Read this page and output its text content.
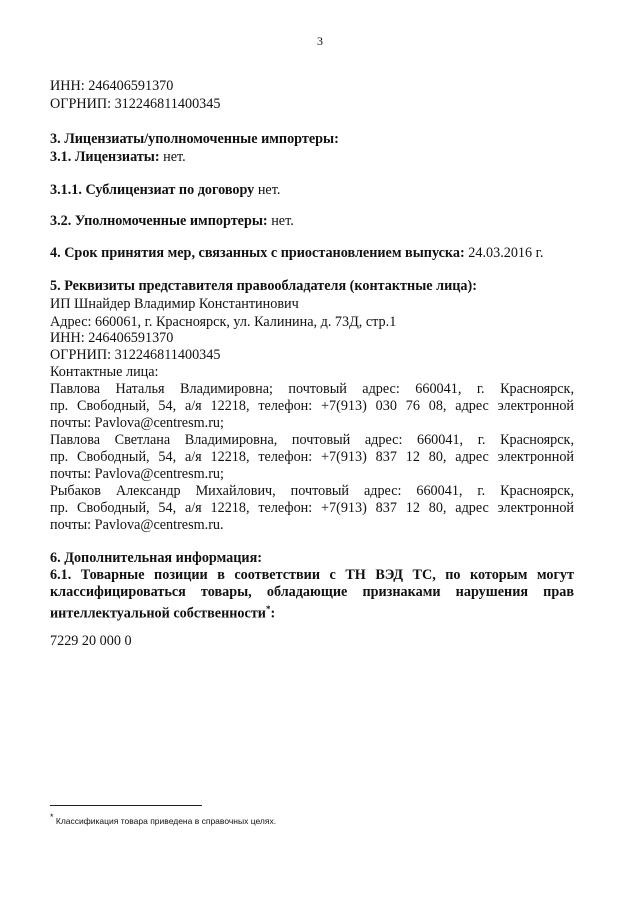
3
ИНН: 246406591370
ОГРНИП: 312246811400345
3. Лицензиаты/уполномоченные импортеры:
3.1. Лицензиаты: нет.
3.1.1. Сублицензиат по договору нет.
3.2. Уполномоченные импортеры: нет.
4. Срок принятия мер, связанных с приостановлением выпуска: 24.03.2016 г.
5. Реквизиты представителя правообладателя (контактные лица):
ИП Шнайдер Владимир Константинович
Адрес: 660061, г. Красноярск, ул. Калинина, д. 73Д, стр.1
ИНН: 246406591370
ОГРНИП: 312246811400345
Контактные лица:
Павлова Наталья Владимировна; почтовый адрес: 660041, г. Красноярск,
пр. Свободный, 54, а/я 12218, телефон: +7(913) 030 76 08, адрес электронной
почты: Pavlova@centresm.ru;
Павлова Светлана Владимировна, почтовый адрес: 660041, г. Красноярск,
пр. Свободный, 54, а/я 12218, телефон: +7(913) 837 12 80, адрес электронной
почты: Pavlova@centresm.ru;
Рыбаков Александр Михайлович, почтовый адрес: 660041, г. Красноярск,
пр. Свободный, 54, а/я 12218, телефон: +7(913) 837 12 80, адрес электронной
почты: Pavlova@centresm.ru.
6. Дополнительная информация:
6.1. Товарные позиции в соответствии с ТН ВЭД ТС, по которым могут
классифицироваться товары, обладающие признаками нарушения прав
интеллектуальной собственности*:
7229 20 000 0
* Классификация товара приведена в справочных целях.
